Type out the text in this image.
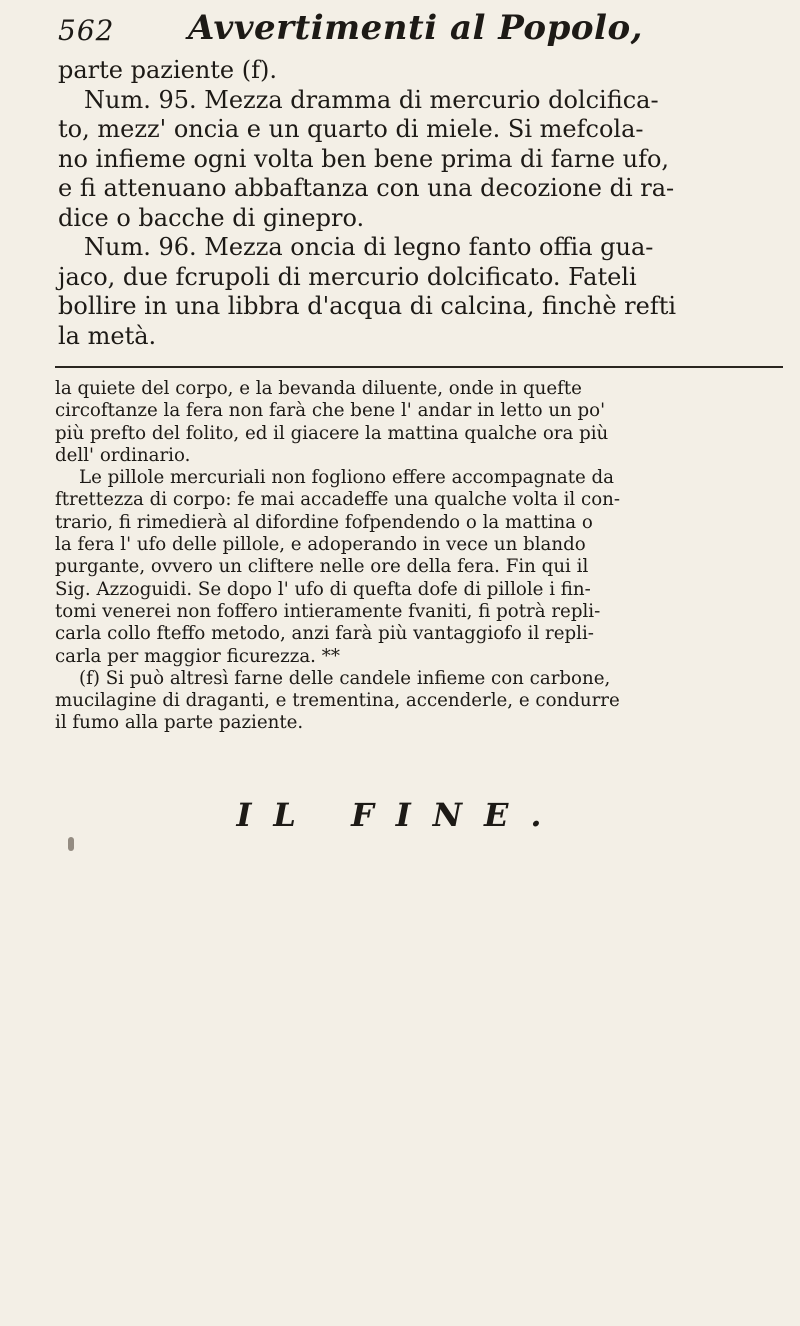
562 Avvertimenti al Popolo,

parte paziente (f).

Num. 95. Mezza dramma di mercurio dolcifica-

to, mezz' oncia e un quarto di miele. Si mefcola-

no infieme ogni volta ben bene prima di farne ufo,

e fi attenuano abbaftanza con una decozione di ra-

dice o bacche di ginepro.

Num. 96. Mezza oncia di legno fanto offia gua-

jaco, due fcrupoli di mercurio dolcificato. Fateli

bollire in una libbra d'acqua di calcina, finchè refti

la metà.

la quiete del corpo, e la bevanda diluente, onde in quefte

circoftanze la fera non farà che bene l' andar in letto un po'

più prefto del folito, ed il giacere la mattina qualche ora più

dell' ordinario.

Le pillole mercuriali non fogliono effere accompagnate da

ftrettezza di corpo: fe mai accadeffe una qualche volta il con-

trario, fi rimedierà al difordine fofpendendo o la mattina o

la fera l' ufo delle pillole, e adoperando in vece un blando

purgante, ovvero un cliftere nelle ore della fera. Fin qui il

Sig. Azzoguidi. Se dopo l' ufo di quefta dofe di pillole i fin-

tomi venerei non foffero intieramente fvaniti, fi potrà repli-

carla collo fteffo metodo, anzi farà più vantaggiofo il repli-

carla per maggior ficurezza. **

(f) Si può altresì farne delle candele infieme con carbone,

mucilagine di draganti, e trementina, accenderle, e condurre

il fumo alla parte paziente.

IL FINE.
